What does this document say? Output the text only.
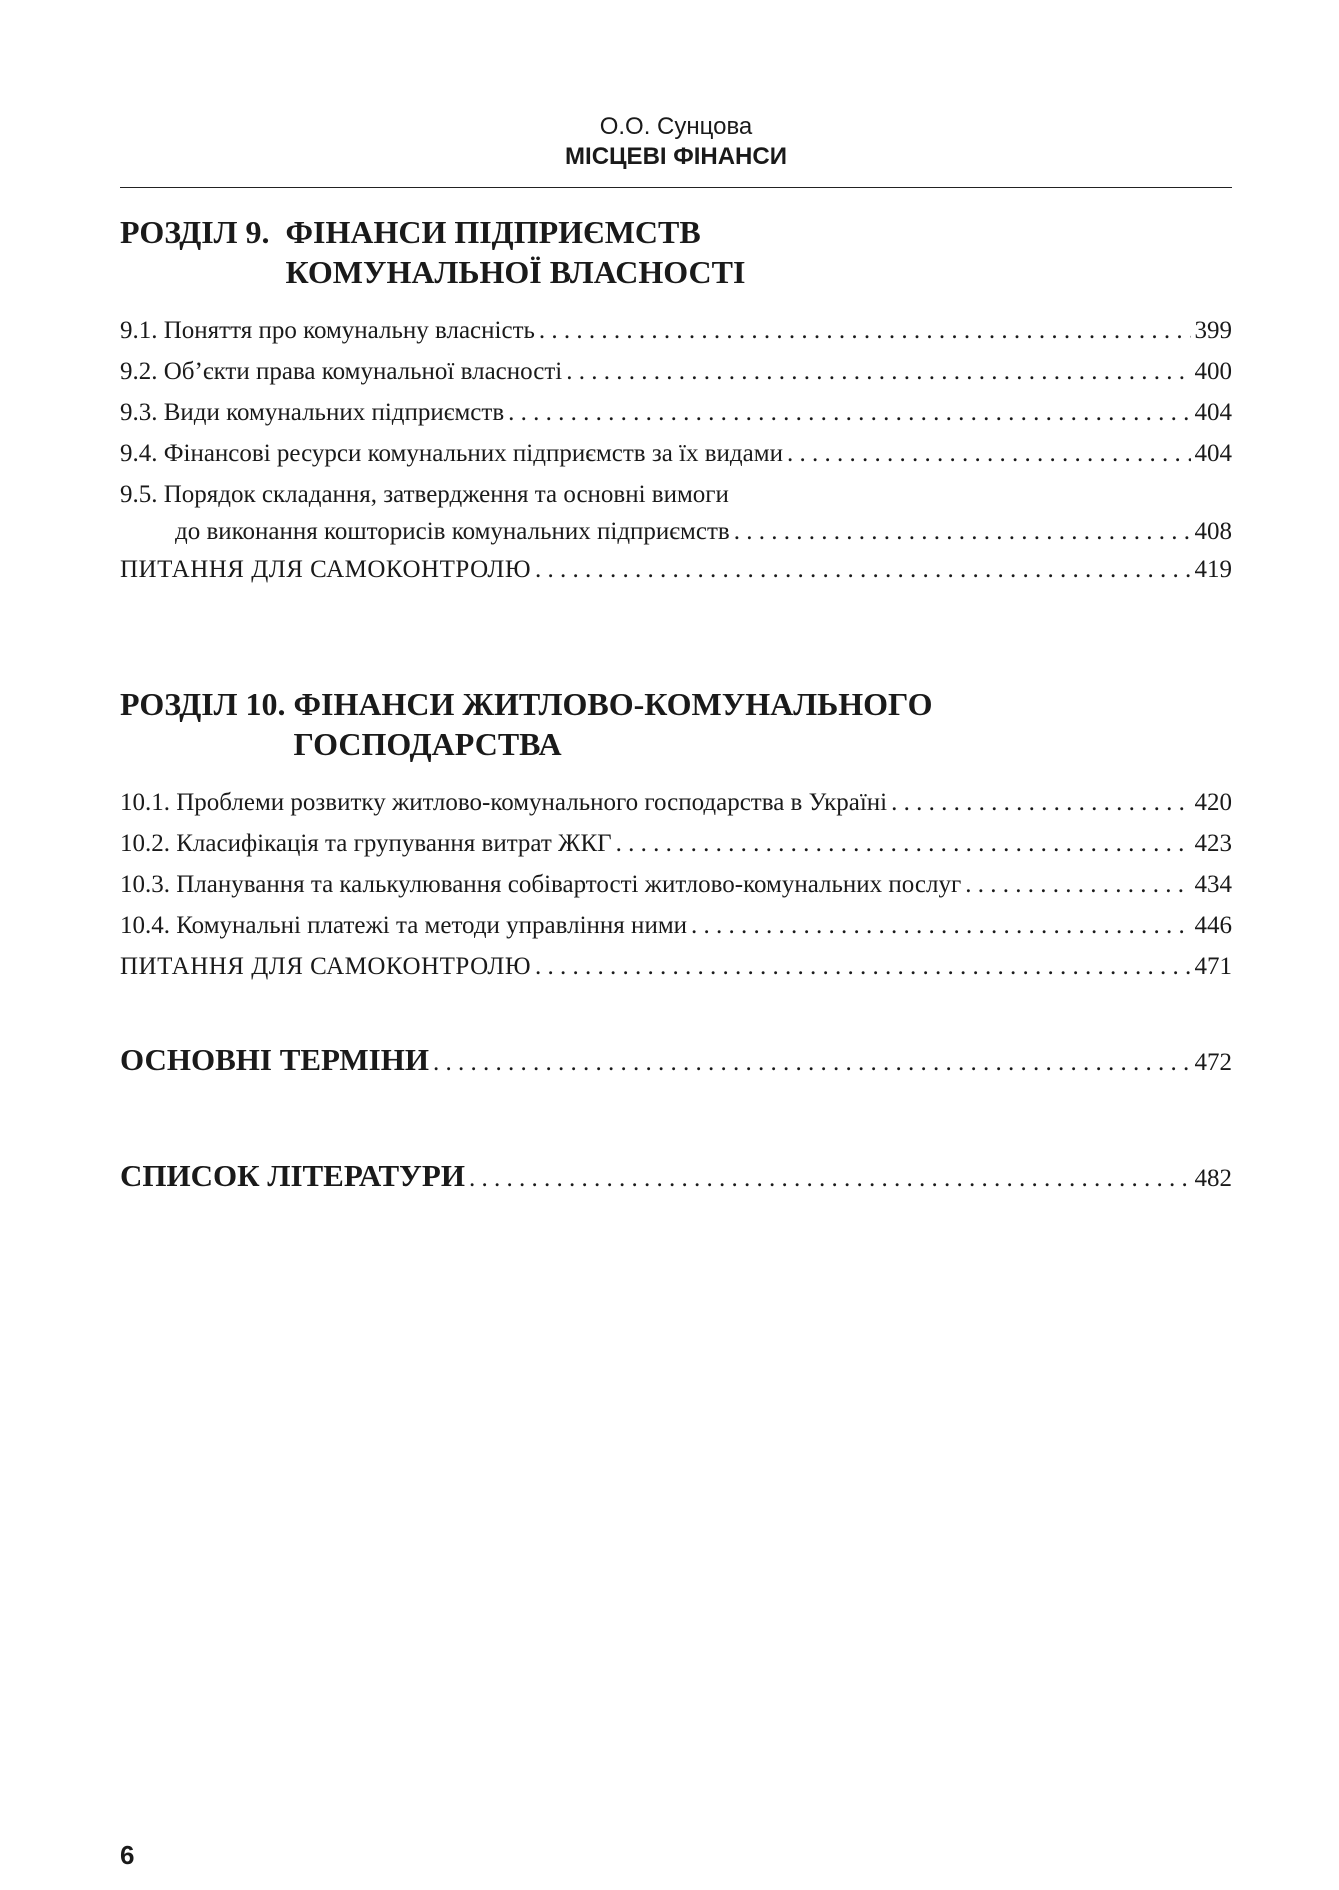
О.О. Сунцова
МІСЦЕВІ ФІНАНСИ
РОЗДІЛ 9. ФІНАНСИ ПІДПРИЄМСТВ
КОМУНАЛЬНОЇ ВЛАСНОСТІ
9.1. Поняття про комунальну власність . . .	399
9.2. Об’єкти права комунальної власності . . .	400
9.3. Види комунальних підприємств . . .	404
9.4. Фінансові ресурси комунальних підприємств за їх видами . . .	404
9.5. Порядок складання, затвердження та основні вимоги
до виконання кошторисів комунальних підприємств . . .	408
ПИТАННЯ ДЛЯ САМОКОНТРОЛЮ . . .	419
РОЗДІЛ 10. ФІНАНСИ ЖИТЛОВО-КОМУНАЛЬНОГО
ГОСПОДАРСТВА
10.1. Проблеми розвитку житлово-комунального господарства в Україні . . .	420
10.2. Класифікація та групування витрат ЖКГ . . .	423
10.3. Планування та калькулювання собівартості житлово-комунальних послуг . . .	434
10.4. Комунальні платежі та методи управління ними . . .	446
ПИТАННЯ ДЛЯ САМОКОНТРОЛЮ . . .	471
ОСНОВНІ ТЕРМІНИ . . .	472
СПИСОК ЛІТЕРАТУРИ . . .	482
6
